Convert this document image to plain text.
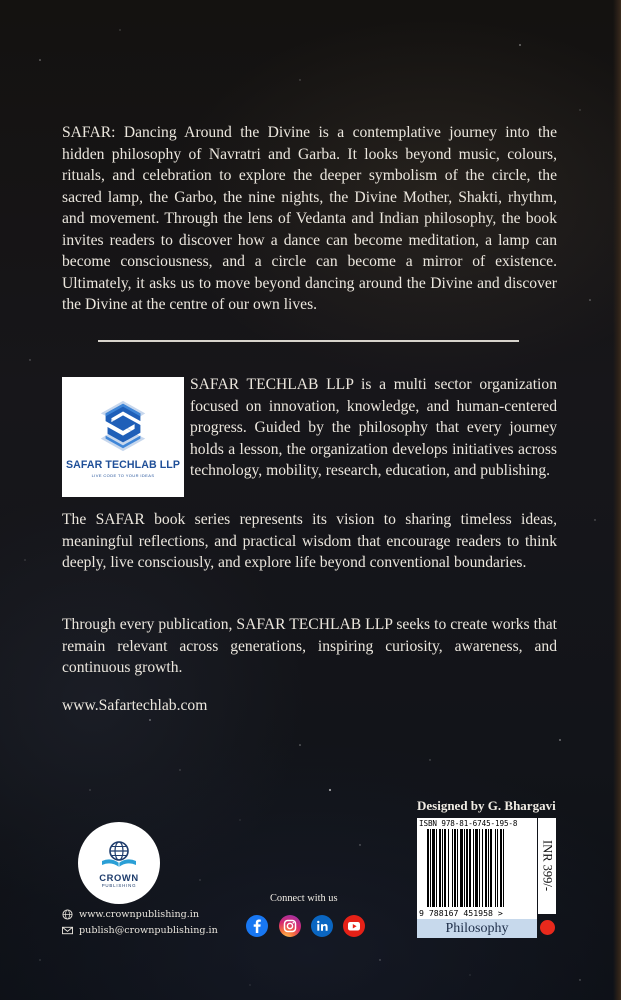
SAFAR: Dancing Around the Divine is a contemplative journey into the hidden philosophy of Navratri and Garba. It looks beyond music, colours, rituals, and celebration to explore the deeper symbolism of the circle, the sacred lamp, the Garbo, the nine nights, the Divine Mother, Shakti, rhythm, and movement. Through the lens of Vedanta and Indian philosophy, the book invites readers to discover how a dance can become meditation, a lamp can become consciousness, and a circle can become a mirror of existence. Ultimately, it asks us to move beyond dancing around the Divine and discover the Divine at the centre of our own lives.

SAFAR TECHLAB LLP
LIVE CODE TO YOUR IDEAS

SAFAR TECHLAB LLP is a multi sector organization focused on innovation, knowledge, and human-centered progress. Guided by the philosophy that every journey holds a lesson, the organization develops initiatives across technology, mobility, research, education, and publishing.

The SAFAR book series represents its vision to sharing timeless ideas, meaningful reflections, and practical wisdom that encourage readers to think deeply, live consciously, and explore life beyond conventional boundaries.

Through every publication, SAFAR TECHLAB LLP seeks to create works that remain relevant across generations, inspiring curiosity, awareness, and continuous growth.

www.Safartechlab.com
Designed by G. Bhargavi
ISBN 978-81-6745-195-8
9 788167 451958 >
INR 399/-
Philosophy
CROWN
PUBLISHING
www.crownpublishing.in
publish@crownpublishing.in
Connect with us
